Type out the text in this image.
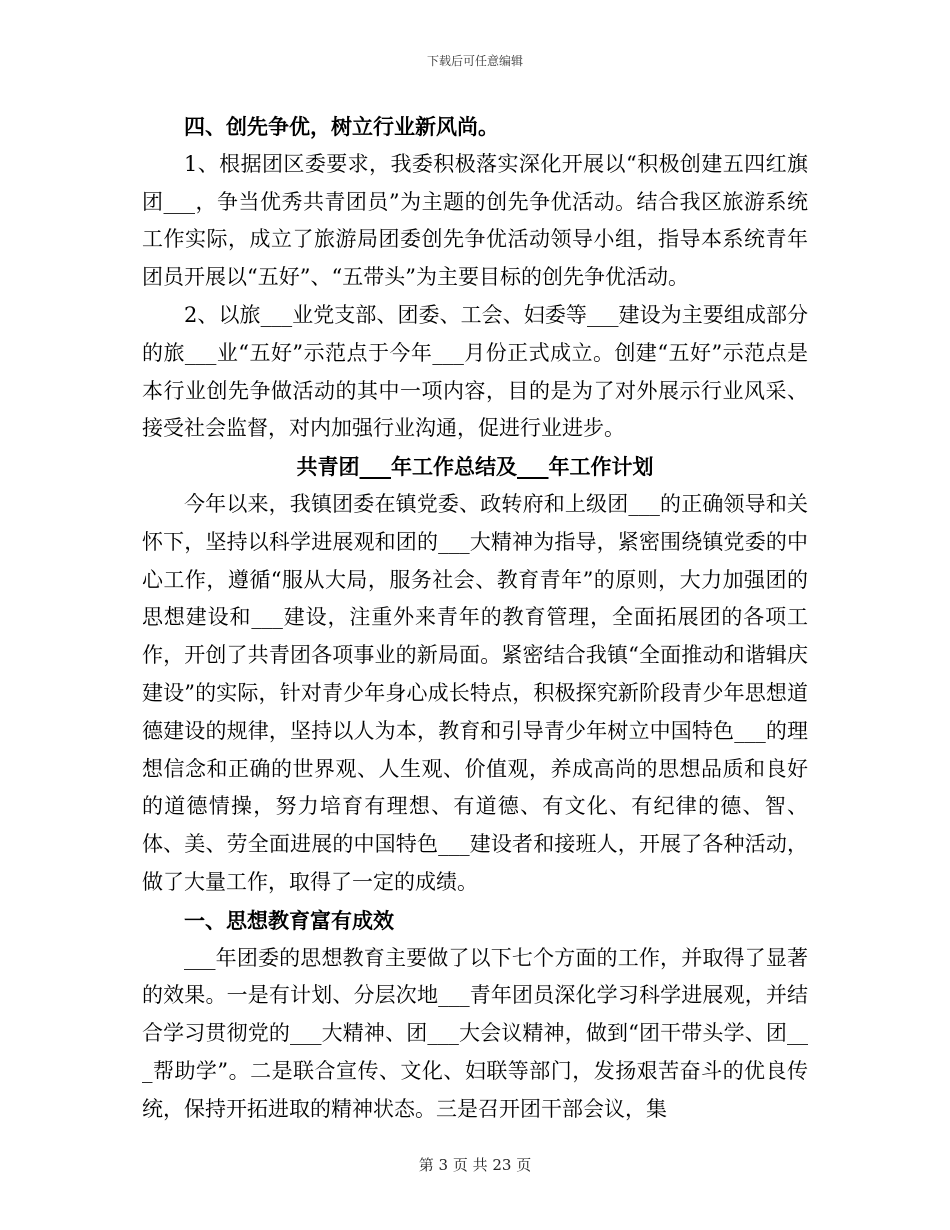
下载后可任意编辑

四、创先争优，树立行业新风尚。

1、根据团区委要求，我委积极落实深化开展以“积极创建五四红旗团___，争当优秀共青团员”为主题的创先争优活动。结合我区旅游系统工作实际，成立了旅游局团委创先争优活动领导小组，指导本系统青年团员开展以“五好”、“五带头”为主要目标的创先争优活动。

2、以旅___业党支部、团委、工会、妇委等___建设为主要组成部分的旅___业“五好”示范点于今年___月份正式成立。创建“五好”示范点是本行业创先争做活动的其中一项内容，目的是为了对外展示行业风采、接受社会监督，对内加强行业沟通，促进行业进步。

共青团___年工作总结及___年工作计划

今年以来，我镇团委在镇党委、政转府和上级团___的正确领导和关怀下，坚持以科学进展观和团的___大精神为指导，紧密围绕镇党委的中心工作，遵循“服从大局，服务社会、教育青年”的原则，大力加强团的思想建设和___建设，注重外来青年的教育管理，全面拓展团的各项工作，开创了共青团各项事业的新局面。紧密结合我镇“全面推动和谐辑庆建设”的实际，针对青少年身心成长特点，积极探究新阶段青少年思想道德建设的规律，坚持以人为本，教育和引导青少年树立中国特色___的理想信念和正确的世界观、人生观、价值观，养成高尚的思想品质和良好的道德情操，努力培育有理想、有道德、有文化、有纪律的德、智、体、美、劳全面进展的中国特色___建设者和接班人，开展了各种活动，做了大量工作，取得了一定的成绩。

一、思想教育富有成效

___年团委的思想教育主要做了以下七个方面的工作，并取得了显著的效果。一是有计划、分层次地___青年团员深化学习科学进展观，并结合学习贯彻党的___大精神、团___大会议精神，做到“团干带头学、团___帮助学”。二是联合宣传、文化、妇联等部门，发扬艰苦奋斗的优良传统，保持开拓进取的精神状态。三是召开团干部会议，集

第 3 页 共 23 页
